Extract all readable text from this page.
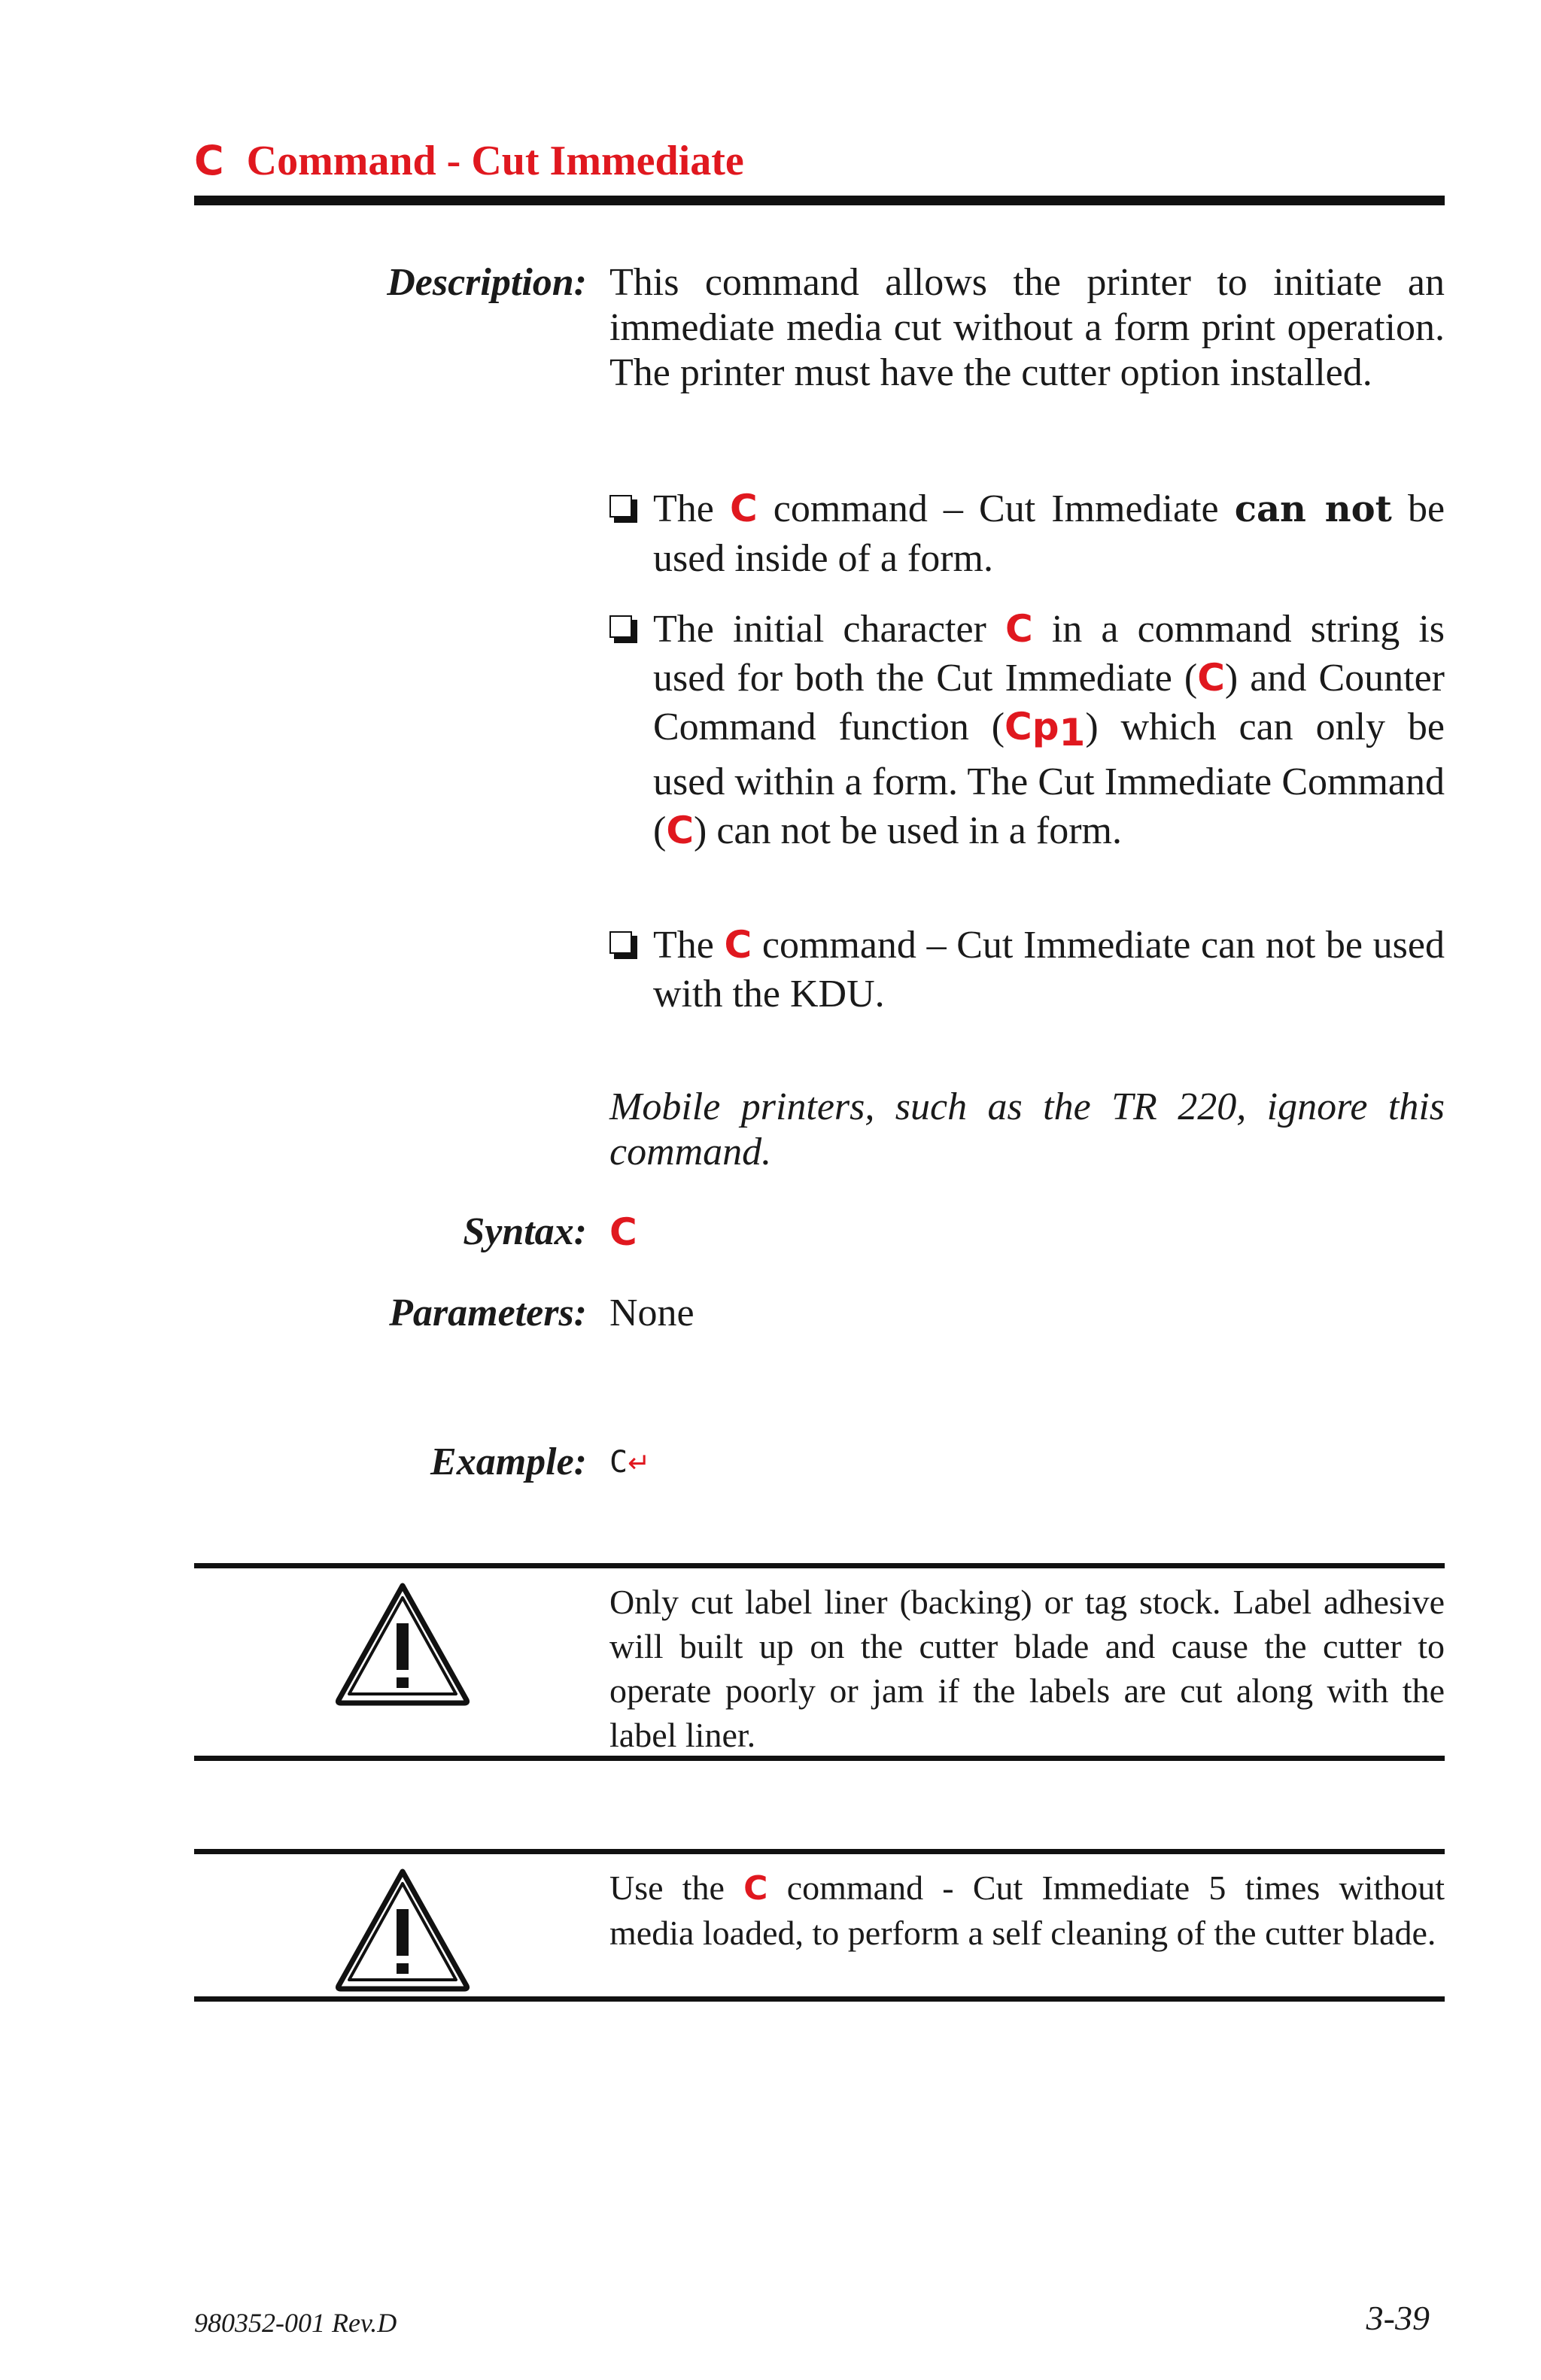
C Command - Cut Immediate
Description: This command allows the printer to initiate an immediate media cut without a form print operation. The printer must have the cutter option installed.

The C command – Cut Immediate can not be used inside of a form.
The initial character C in a command string is used for both the Cut Immediate (C) and Counter Command function $(Cp_1)$ which can only be used within a form. The Cut Immediate Command (C) can not be used in a form.
The C command – Cut Immediate can not be used with the KDU.

Mobile printers, such as the TR 220, ignore this command.

Syntax: C
Parameters: None
Example: C↵
Only cut label liner (backing) or tag stock. Label adhesive will built up on the cutter blade and cause the cutter to operate poorly or jam if the labels are cut along with the label liner.
Use the C command - Cut Immediate 5 times without media loaded, to perform a self cleaning of the cutter blade.
980352-001 Rev.D	3-39
